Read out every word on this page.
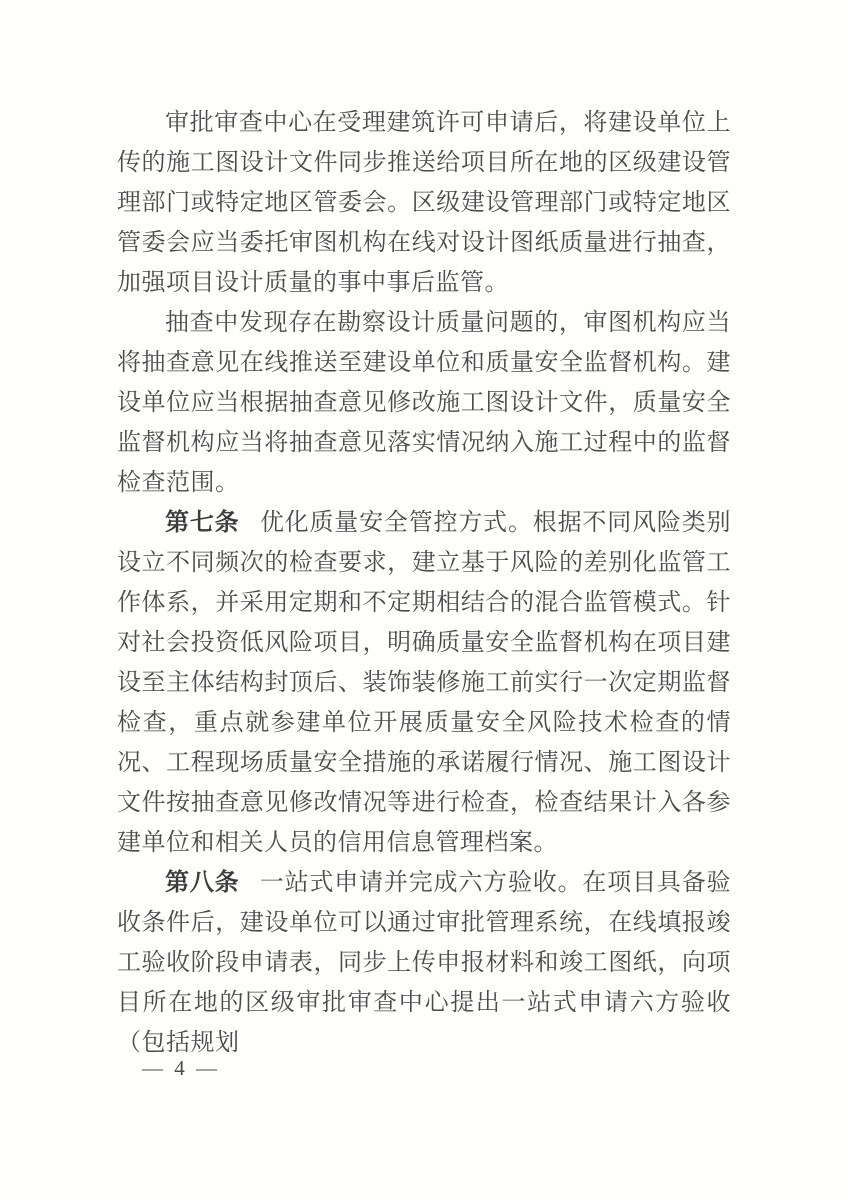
审批审查中心在受理建筑许可申请后，将建设单位上传的施工图设计文件同步推送给项目所在地的区级建设管理部门或特定地区管委会。区级建设管理部门或特定地区管委会应当委托审图机构在线对设计图纸质量进行抽查，加强项目设计质量的事中事后监管。

抽查中发现存在勘察设计质量问题的，审图机构应当将抽查意见在线推送至建设单位和质量安全监督机构。建设单位应当根据抽查意见修改施工图设计文件，质量安全监督机构应当将抽查意见落实情况纳入施工过程中的监督检查范围。

第七条 优化质量安全管控方式。根据不同风险类别设立不同频次的检查要求，建立基于风险的差别化监管工作体系，并采用定期和不定期相结合的混合监管模式。针对社会投资低风险项目，明确质量安全监督机构在项目建设至主体结构封顶后、装饰装修施工前实行一次定期监督检查，重点就参建单位开展质量安全风险技术检查的情况、工程现场质量安全措施的承诺履行情况、施工图设计文件按抽查意见修改情况等进行检查，检查结果计入各参建单位和相关人员的信用信息管理档案。

第八条 一站式申请并完成六方验收。在项目具备验收条件后，建设单位可以通过审批管理系统，在线填报竣工验收阶段申请表，同步上传申报材料和竣工图纸，向项目所在地的区级审批审查中心提出一站式申请六方验收（包括规划

— 4 —
